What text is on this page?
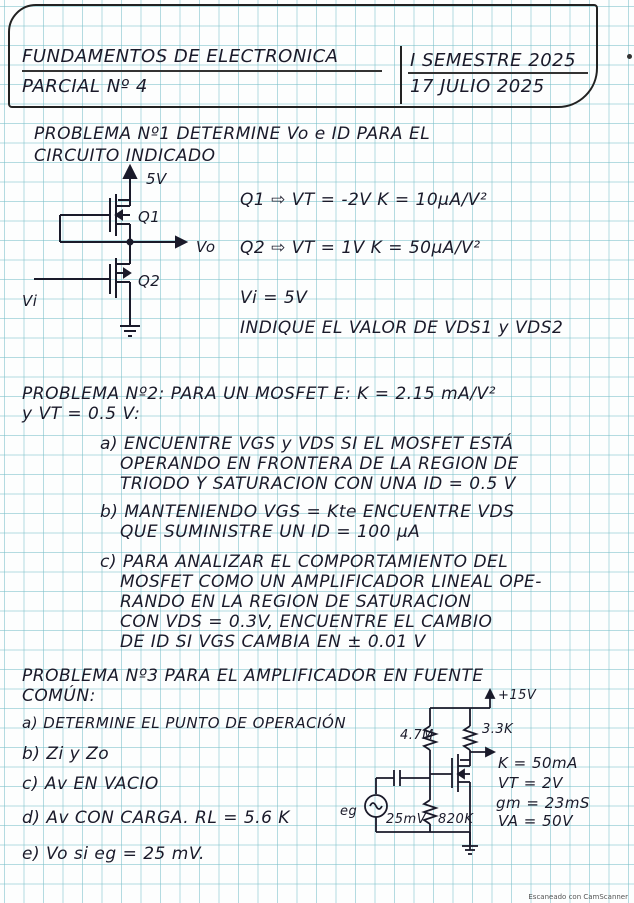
FUNDAMENTOS DE ELECTRONICA
PARCIAL Nº 4
I SEMESTRE 2025
17 JULIO 2025
PROBLEMA Nº1 DETERMINE Vo e ID PARA EL
CIRCUITO INDICADO
5V
Q1
Vo
Q2
Vi
Q1 ⇨ VT = -2V K = 10μA/V²
Q2 ⇨ VT = 1V K = 50μA/V²
Vi = 5V
INDIQUE EL VALOR DE VDS1 y VDS2
PROBLEMA Nº2: PARA UN MOSFET E: K = 2.15 mA/V²
y VT = 0.5 V:
a) ENCUENTRE VGS y VDS SI EL MOSFET ESTÁ
OPERANDO EN FRONTERA DE LA REGION DE
TRIODO Y SATURACION CON UNA ID = 0.5 V
b) MANTENIENDO VGS = Kte ENCUENTRE VDS
QUE SUMINISTRE UN ID = 100 μA
c) PARA ANALIZAR EL COMPORTAMIENTO DEL
MOSFET COMO UN AMPLIFICADOR LINEAL OPE-
RANDO EN LA REGION DE SATURACION
CON VDS = 0.3V, ENCUENTRE EL CAMBIO
DE ID SI VGS CAMBIA EN ± 0.01 V
PROBLEMA Nº3 PARA EL AMPLIFICADOR EN FUENTE
COMÚN:
a) DETERMINE EL PUNTO DE OPERACIÓN
b) Zi y Zo
c) Av EN VACIO
d) Av CON CARGA. RL = 5.6 K
e) Vo si eg = 25 mV.
+15V
4.7M	3.3K
820K
eg
25mV
K = 50mA
VT = 2V
gm = 23mS
VA = 50V
Escaneado con CamScanner
